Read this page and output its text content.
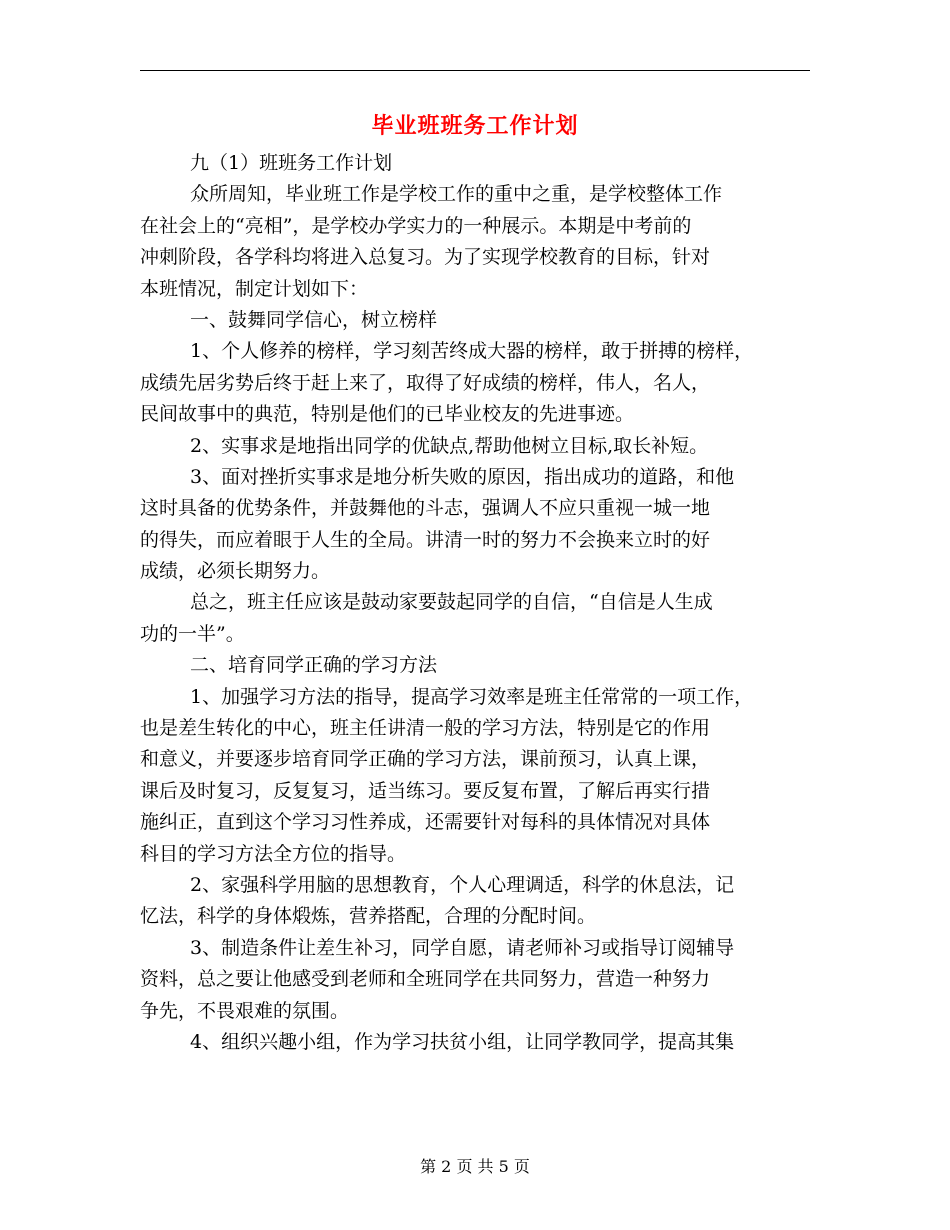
毕业班班务工作计划
九（1）班班务工作计划
众所周知，毕业班工作是学校工作的重中之重，是学校整体工作
在社会上的“亮相”，是学校办学实力的一种展示。本期是中考前的
冲刺阶段，各学科均将进入总复习。为了实现学校教育的目标，针对
本班情况，制定计划如下：
一、鼓舞同学信心，树立榜样
1、个人修养的榜样，学习刻苦终成大器的榜样，敢于拼搏的榜样，
成绩先居劣势后终于赶上来了，取得了好成绩的榜样，伟人，名人，
民间故事中的典范，特别是他们的已毕业校友的先进事迹。
2、实事求是地指出同学的优缺点,帮助他树立目标,取长补短。
3、面对挫折实事求是地分析失败的原因，指出成功的道路，和他
这时具备的优势条件，并鼓舞他的斗志，强调人不应只重视一城一地
的得失，而应着眼于人生的全局。讲清一时的努力不会换来立时的好
成绩，必须长期努力。
总之，班主任应该是鼓动家要鼓起同学的自信，“自信是人生成
功的一半”。
二、培育同学正确的学习方法
1、加强学习方法的指导，提高学习效率是班主任常常的一项工作，
也是差生转化的中心，班主任讲清一般的学习方法，特别是它的作用
和意义，并要逐步培育同学正确的学习方法，课前预习，认真上课，
课后及时复习，反复复习，适当练习。要反复布置，了解后再实行措
施纠正，直到这个学习习性养成，还需要针对每科的具体情况对具体
科目的学习方法全方位的指导。
2、家强科学用脑的思想教育，个人心理调适，科学的休息法，记
忆法，科学的身体煅炼，营养搭配，合理的分配时间。
3、制造条件让差生补习，同学自愿，请老师补习或指导订阅辅导
资料，总之要让他感受到老师和全班同学在共同努力，营造一种努力
争先，不畏艰难的氛围。
4、组织兴趣小组，作为学习扶贫小组，让同学教同学，提高其集
第 2 页 共 5 页
